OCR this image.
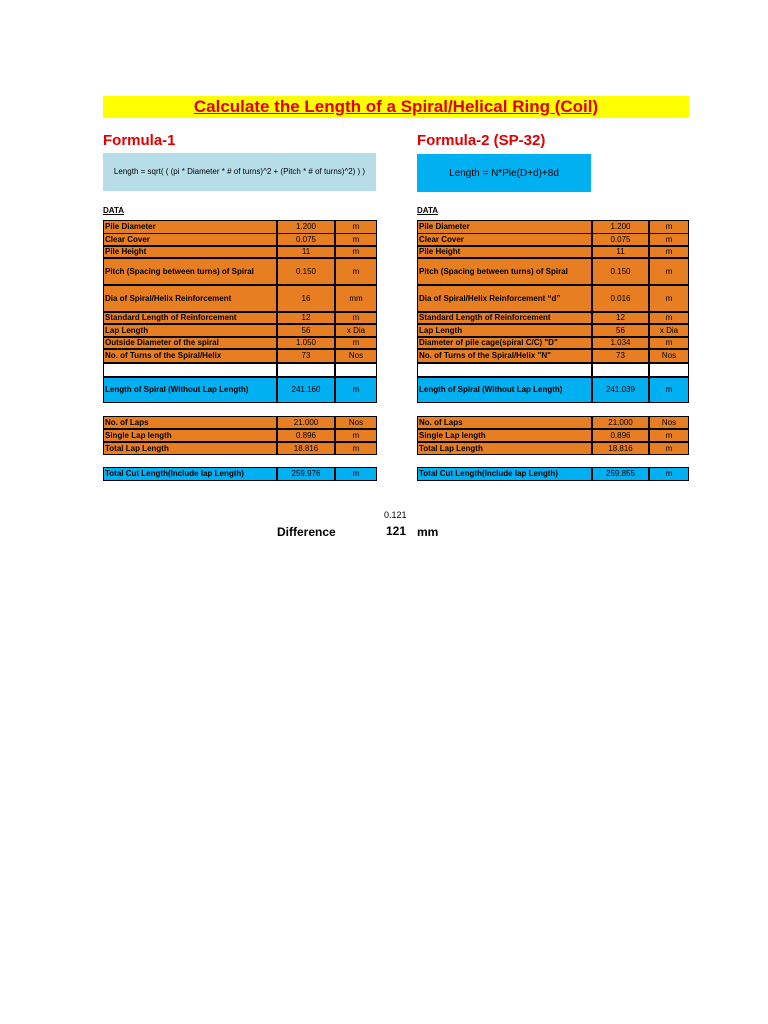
Calculate the Length of a Spiral/Helical Ring (Coil)
Formula-1	Formula-2 (SP-32)
Length = sqrt( ( (pi * Diameter * # of turns)^2 + (Pitch * # of turns)^2) ) )	Length = N*Pie(D+d)+8d
DATA	DATA
Pile Diameter	1.200	m
Clear Cover	0.075	m
Pile Height	11	m
Pitch (Spacing between turns) of Spiral	0.150	m
Dia of Spiral/Helix Reinforcement	16	mm
Standard Length of Reinforcement	12	m
Lap Length	56	x Dia
Outside Diameter of the spiral	1.050	m
No. of Turns of the Spiral/Helix	73	Nos
Length of Spiral (Without Lap Length)	241.160	m
No. of Laps	21.000	Nos
Single Lap length	0.896	m
Total Lap Length	18.816	m
Total Cut Length(Include lap Length)	259.976	m
Pile Diameter	1.200	m
Clear Cover	0.075	m
Pile Height	11	m
Pitch (Spacing between turns) of Spiral	0.150	m
Dia of Spiral/Helix Reinforcement “d”	0.016	m
Standard Length of Reinforcement	12	m
Lap Length	56	x Dia
Diameter of pile cage(spiral C/C) "D"	1.034	m
No. of Turns of the Spiral/Helix "N"	73	Nos
Length of Spiral (Without Lap Length)	241.039	m
No. of Laps	21.000	Nos
Single Lap length	0.896	m
Total Lap Length	18.816	m
Total Cut Length(Include lap Length)	259.855	m
0.121
Difference	121 mm
